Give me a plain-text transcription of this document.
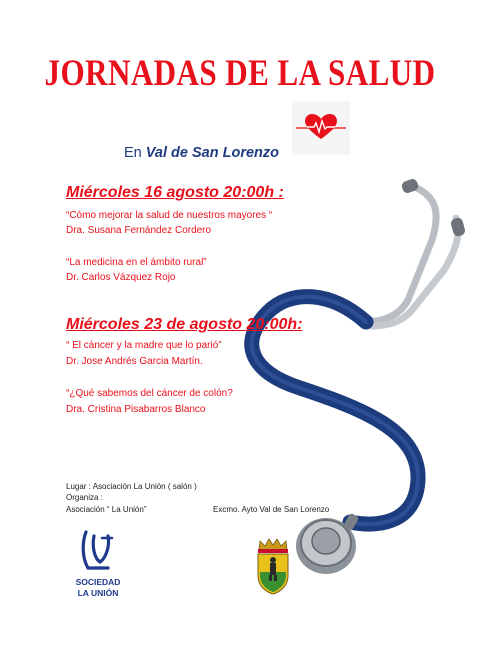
JORNADAS DE LA SALUD
En Val de San Lorenzo
Miércoles 16 agosto 20:00h :
“Cómo mejorar la salud de nuestros mayores “
Dra. Susana Fernández Cordero
“La medicina en el ámbito rural”
Dr. Carlos Vázquez Rojo
Miércoles 23 de agosto 20:00h:
“ El cáncer y la madre que lo parió”
Dr. Jose Andrés Garcia Martín.
“¿Qué sabemos del cáncer de colón?
Dra. Cristina Pisabarros Blanco
Lugar : Asociación La Unión ( salón )
Organiza :
Asociación “ La Unión”	Excmo. Ayto Val de San Lorenzo
SOCIEDAD
LA UNIÓN
